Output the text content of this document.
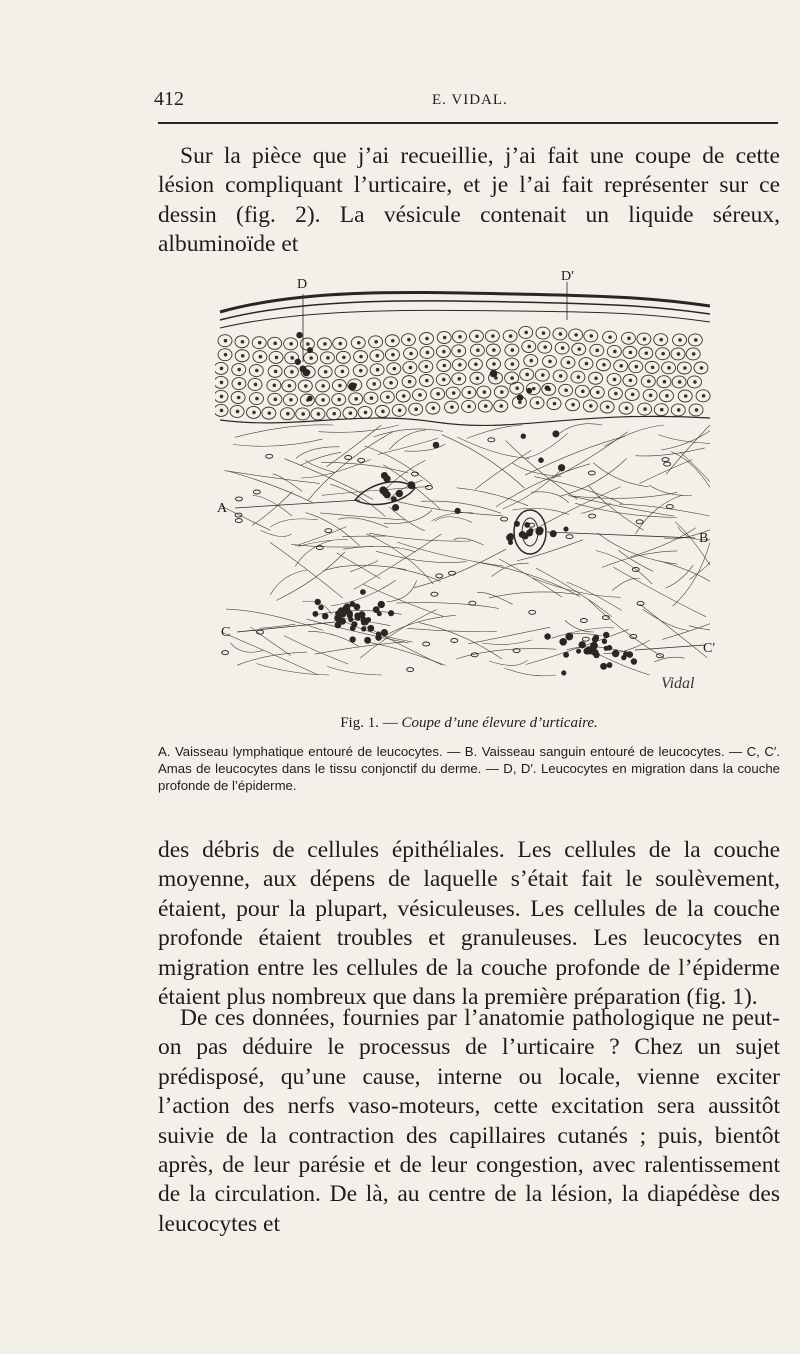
412	E. VIDAL.

Sur la pièce que j’ai recueillie, j’ai fait une coupe de cette lésion compliquant l’urticaire, et je l’ai fait représenter sur ce dessin (fig. 2). La vésicule contenait un liquide séreux, albuminoïde et

D
D′
A
B
C
C′
Vidal
Fig. 1. — Coupe d’une élevure d’urticaire.

A. Vaisseau lymphatique entouré de leucocytes. — B. Vaisseau sanguin entouré de leucocytes. — C, C′. Amas de leucocytes dans le tissu conjonctif du derme. — D, D′. Leucocytes en migration dans la couche profonde de l’épiderme.

des débris de cellules épithéliales. Les cellules de la couche moyenne, aux dépens de laquelle s’était fait le soulèvement, étaient, pour la plupart, vésiculeuses. Les cellules de la couche profonde étaient troubles et granuleuses. Les leucocytes en migration entre les cellules de la couche profonde de l’épiderme étaient plus nombreux que dans la première préparation (fig. 1).

De ces données, fournies par l’anatomie pathologique ne peut-on pas déduire le processus de l’urticaire ? Chez un sujet prédisposé, qu’une cause, interne ou locale, vienne exciter l’action des nerfs vaso-moteurs, cette excitation sera aussitôt suivie de la contraction des capillaires cutanés ; puis, bientôt après, de leur parésie et de leur congestion, avec ralentissement de la circulation. De là, au centre de la lésion, la diapédèse des leucocytes et
